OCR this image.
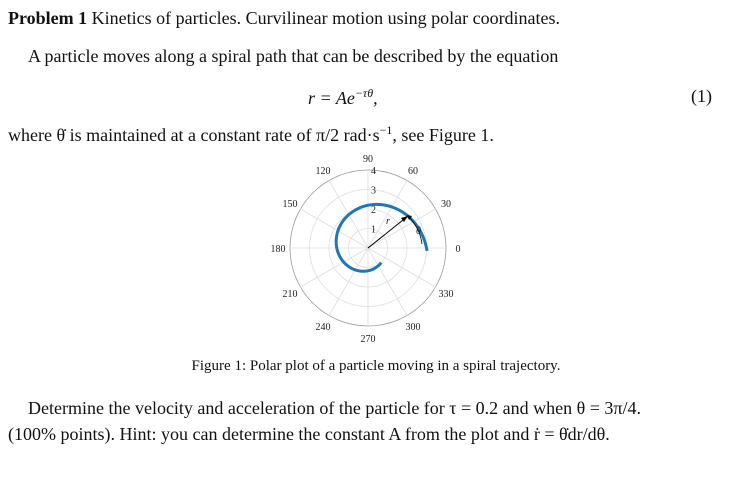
Problem 1 Kinetics of particles. Curvilinear motion using polar coordinates.
A particle moves along a spiral path that can be described by the equation
$r = Ae^{-\tau\theta}$,	(1)
where θ̇ is maintained at a constant rate of π/2 $rad\cdot s^{-1}$, see Figure 1.
90
60
30
0
330
300
270
240
210
180
150
120
1
2
3
4
r
θ
Figure 1: Polar plot of a particle moving in a spiral trajectory.
Determine the velocity and acceleration of the particle for τ = 0.2 and when θ = 3π/4.
(100% points). Hint: you can determine the constant A from the plot and ṙ = θ̇dr/dθ.
